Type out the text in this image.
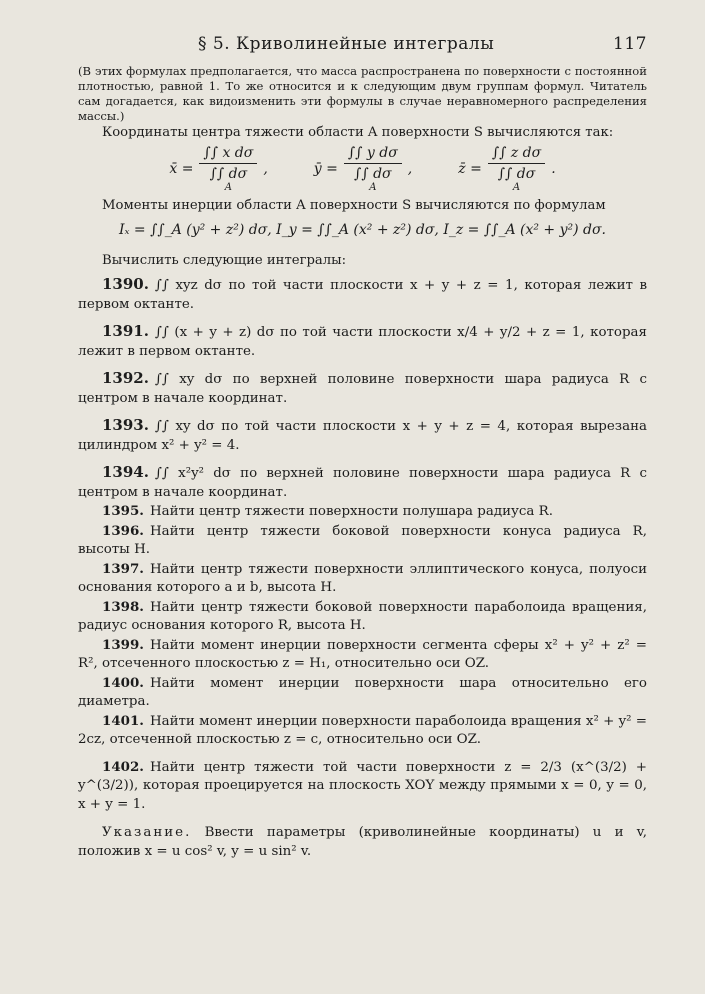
§ 5. Криволинейные интегралы	117

(В этих формулах предполагается, что масса распространена по поверхности с постоянной плотностью, равной 1. То же относится и к следующим двум группам формул. Читатель сам догадается, как видоизменить эти формулы в случае неравномерного распределения массы.)

Координаты центра тяжести области A поверхности S вычисляются так:

x̄ =
∫∫ x dσ
∫∫ dσ
A
,	ȳ =
∫∫ y dσ
∫∫ dσ
A
,	z̄ =
∫∫ z dσ
∫∫ dσ
A
.

Моменты инерции области A поверхности S вычисляются по формулам

Iₓ = ∫∫_A (y² + z²) dσ, I_y = ∫∫_A (x² + z²) dσ, I_z = ∫∫_A (x² + y²) dσ.

Вычислить следующие интегралы:

1390. ∫∫ xyz dσ по той части плоскости x + y + z = 1, которая лежит в первом октанте.

1391. ∫∫ (x + y + z) dσ по той части плоскости x/4 + y/2 + z = 1, которая лежит в первом октанте.

1392. ∫∫ xy dσ по верхней половине поверхности шара радиуса R с центром в начале координат.

1393. ∫∫ xy dσ по той части плоскости x + y + z = 4, которая вырезана цилиндром x² + y² = 4.

1394. ∫∫ x²y² dσ по верхней половине поверхности шара радиуса R с центром в начале координат.

1395. Найти центр тяжести поверхности полушара радиуса R.

1396. Найти центр тяжести боковой поверхности конуса радиуса R, высоты H.

1397. Найти центр тяжести поверхности эллиптического конуса, полуоси основания которого a и b, высота H.

1398. Найти центр тяжести боковой поверхности параболоида вращения, радиус основания которого R, высота H.

1399. Найти момент инерции поверхности сегмента сферы x² + y² + z² = R², отсеченного плоскостью z = H₁, относительно оси OZ.

1400. Найти момент инерции поверхности шара относительно его диаметра.

1401. Найти момент инерции поверхности параболоида вращения x² + y² = 2cz, отсеченной плоскостью z = c, относительно оси OZ.

1402. Найти центр тяжести той части поверхности z = 2/3 (x^(3/2) + y^(3/2)), которая проецируется на плоскость XOY между прямыми x = 0, y = 0, x + y = 1.

Указание. Ввести параметры (криволинейные координаты) u и v, положив x = u cos² v, y = u sin² v.
